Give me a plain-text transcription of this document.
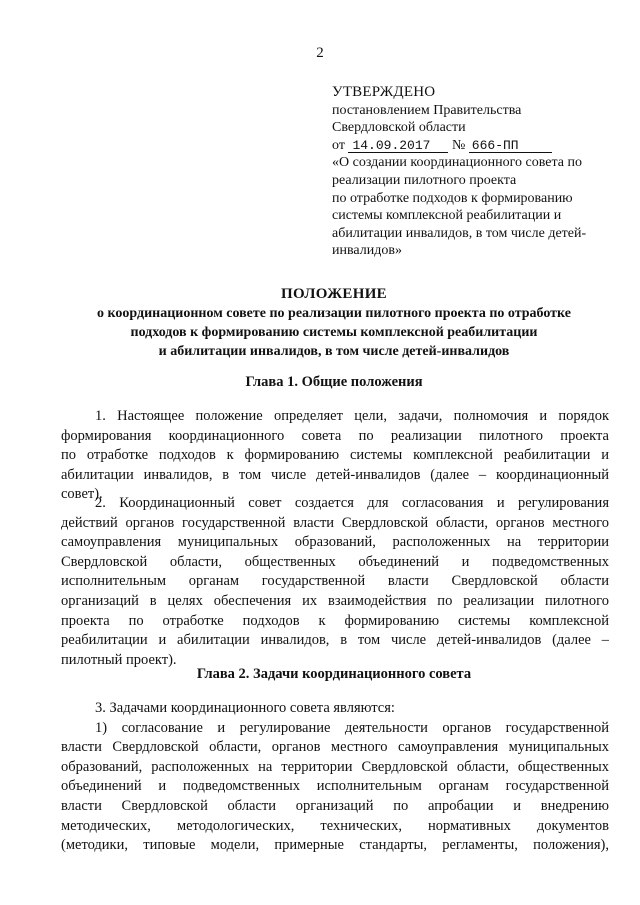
2
УТВЕРЖДЕНО
постановлением Правительства
Свердловской области
от 14.09.2017 № 666-ПП
«О создании координационного совета по
реализации пилотного проекта
по отработке подходов к формированию
системы комплексной реабилитации и
абилитации инвалидов, в том числе детей-
инвалидов»
ПОЛОЖЕНИЕ
о координационном совете по реализации пилотного проекта по отработке
подходов к формированию системы комплексной реабилитации
и абилитации инвалидов, в том числе детей-инвалидов
Глава 1. Общие положения
1. Настоящее положение определяет цели, задачи, полномочия и порядок
формирования координационного совета по реализации пилотного проекта
по отработке подходов к формированию системы комплексной реабилитации и
абилитации инвалидов, в том числе детей-инвалидов (далее – координационный
совет).
2. Координационный совет создается для согласования и регулирования
действий органов государственной власти Свердловской области, органов местного
самоуправления муниципальных образований, расположенных на территории
Свердловской области, общественных объединений и подведомственных
исполнительным органам государственной власти Свердловской области
организаций в целях обеспечения их взаимодействия по реализации пилотного
проекта по отработке подходов к формированию системы комплексной
реабилитации и абилитации инвалидов, в том числе детей-инвалидов (далее –
пилотный проект).
Глава 2. Задачи координационного совета
3. Задачами координационного совета являются:
1) согласование и регулирование деятельности органов государственной
власти Свердловской области, органов местного самоуправления муниципальных
образований, расположенных на территории Свердловской области, общественных
объединений и подведомственных исполнительным органам государственной
власти Свердловской области организаций по апробации и внедрению
методических, методологических, технических, нормативных документов
(методики, типовые модели, примерные стандарты, регламенты, положения),
